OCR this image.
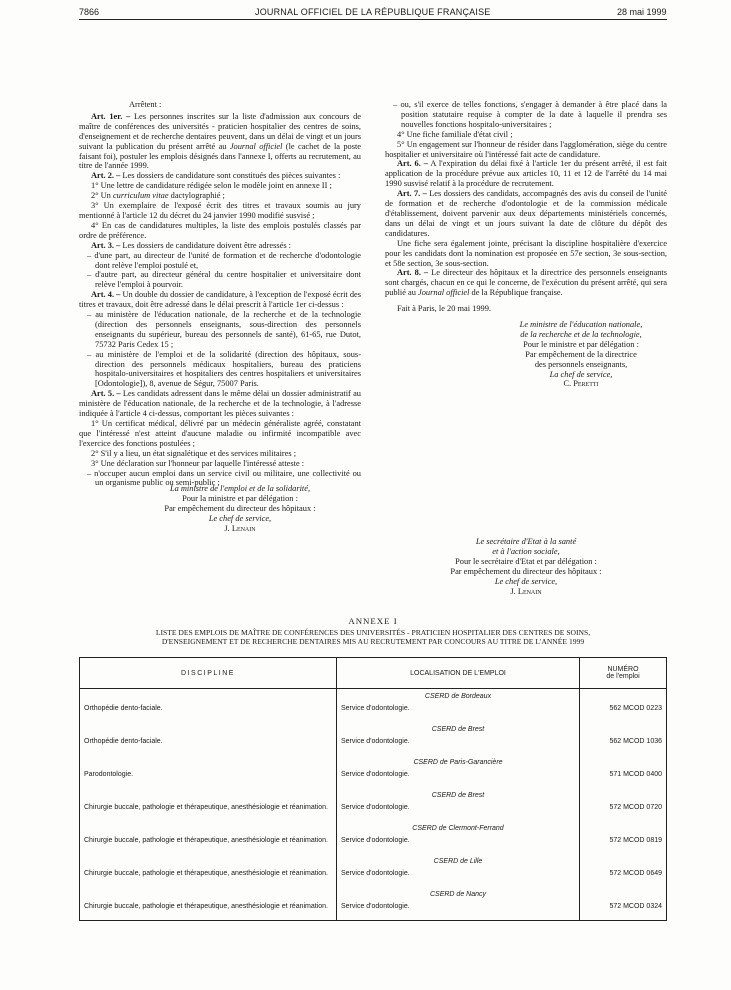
7866	JOURNAL OFFICIEL DE LA RÉPUBLIQUE FRANÇAISE	28 mai 1999

Arrêtent :

Art. 1er. – Les personnes inscrites sur la liste d'admission aux concours de maître de conférences des universités - praticien hospitalier des centres de soins, d'enseignement et de recherche dentaires peuvent, dans un délai de vingt et un jours suivant la publication du présent arrêté au Journal officiel (le cachet de la poste faisant foi), postuler les emplois désignés dans l'annexe I, offerts au recrutement, au titre de l'année 1999.

Art. 2. – Les dossiers de candidature sont constitués des pièces suivantes :

1° Une lettre de candidature rédigée selon le modèle joint en annexe II ;

2° Un curriculum vitae dactylographié ;

3° Un exemplaire de l'exposé écrit des titres et travaux soumis au jury mentionné à l'article 12 du décret du 24 janvier 1990 modifié susvisé ;

4° En cas de candidatures multiples, la liste des emplois postulés classés par ordre de préférence.

Art. 3. – Les dossiers de candidature doivent être adressés :

– d'une part, au directeur de l'unité de formation et de recherche d'odontologie dont relève l'emploi postulé et,

– d'autre part, au directeur général du centre hospitalier et universitaire dont relève l'emploi à pourvoir.

Art. 4. – Un double du dossier de candidature, à l'exception de l'exposé écrit des titres et travaux, doit être adressé dans le délai prescrit à l'article 1er ci-dessus :

– au ministère de l'éducation nationale, de la recherche et de la technologie (direction des personnels enseignants, sous-direction des personnels enseignants du supérieur, bureau des personnels de santé), 61-65, rue Dutot, 75732 Paris Cedex 15 ;

– au ministère de l'emploi et de la solidarité (direction des hôpitaux, sous-direction des personnels médicaux hospitaliers, bureau des praticiens hospitalo-universitaires et hospitaliers des centres hospitaliers et universitaires [Odontologie]), 8, avenue de Ségur, 75007 Paris.

Art. 5. – Les candidats adressent dans le même délai un dossier administratif au ministère de l'éducation nationale, de la recherche et de la technologie, à l'adresse indiquée à l'article 4 ci-dessus, comportant les pièces suivantes :

1° Un certificat médical, délivré par un médecin généraliste agréé, constatant que l'intéressé n'est atteint d'aucune maladie ou infirmité incompatible avec l'exercice des fonctions postulées ;

2° S'il y a lieu, un état signalétique et des services militaires ;

3° Une déclaration sur l'honneur par laquelle l'intéressé atteste :

– n'occuper aucun emploi dans un service civil ou militaire, une collectivité ou un organisme public ou semi-public ;

– ou, s'il exerce de telles fonctions, s'engager à demander à être placé dans la position statutaire requise à compter de la date à laquelle il prendra ses nouvelles fonctions hospitalo-universitaires ;

4° Une fiche familiale d'état civil ;

5° Un engagement sur l'honneur de résider dans l'agglomération, siège du centre hospitalier et universitaire où l'intéressé fait acte de candidature.

Art. 6. – A l'expiration du délai fixé à l'article 1er du présent arrêté, il est fait application de la procédure prévue aux articles 10, 11 et 12 de l'arrêté du 14 mai 1990 susvisé relatif à la procédure de recrutement.

Art. 7. – Les dossiers des candidats, accompagnés des avis du conseil de l'unité de formation et de recherche d'odontologie et de la commission médicale d'établissement, doivent parvenir aux deux départements ministériels concernés, dans un délai de vingt et un jours suivant la date de clôture du dépôt des candidatures.

Une fiche sera également jointe, précisant la discipline hospitalière d'exercice pour les candidats dont la nomination est proposée en 57e section, 3e sous-section, et 58e section, 3e sous-section.

Art. 8. – Le directeur des hôpitaux et la directrice des personnels enseignants sont chargés, chacun en ce qui le concerne, de l'exécution du présent arrêté, qui sera publié au Journal officiel de la République française.

Fait à Paris, le 20 mai 1999.

Le ministre de l'éducation nationale,

de la recherche et de la technologie,

Pour le ministre et par délégation :

Par empêchement de la directrice

des personnels enseignants,

La chef de service,

C. Peretti

La ministre de l'emploi et de la solidarité,

Pour la ministre et par délégation :

Par empêchement du directeur des hôpitaux :

Le chef de service,

J. Lenain

Le secrétaire d'Etat à la santé

et à l'action sociale,

Pour le secrétaire d'Etat et par délégation :

Par empêchement du directeur des hôpitaux :

Le chef de service,

J. Lenain

ANNEXE I
LISTE DES EMPLOIS DE MAÎTRE DE CONFÉRENCES DES UNIVERSITÉS - PRATICIEN HOSPITALIER DES CENTRES DE SOINS,
D'ENSEIGNEMENT ET DE RECHERCHE DENTAIRES MIS AU RECRUTEMENT PAR CONCOURS AU TITRE DE L'ANNÉE 1999
DISCIPLINE	LOCALISATION DE L'EMPLOI	NUMÉRO
de l'emploi

	CSERD de Bordeaux	
Orthopédie dento-faciale.	Service d'odontologie.	562 MCOD 0223
	CSERD de Brest	
Orthopédie dento-faciale.	Service d'odontologie.	562 MCOD 1036
	CSERD de Paris-Garancière	
Parodontologie.	Service d'odontologie.	571 MCOD 0400
	CSERD de Brest	
Chirurgie buccale, pathologie et thérapeutique, anesthésiologie et réanimation.	Service d'odontologie.	572 MCOD 0720
	CSERD de Clermont-Ferrand	
Chirurgie buccale, pathologie et thérapeutique, anesthésiologie et réanimation.	Service d'odontologie.	572 MCOD 0819
	CSERD de Lille	
Chirurgie buccale, pathologie et thérapeutique, anesthésiologie et réanimation.	Service d'odontologie.	572 MCOD 0649
	CSERD de Nancy	
Chirurgie buccale, pathologie et thérapeutique, anesthésiologie et réanimation.	Service d'odontologie.	572 MCOD 0324
